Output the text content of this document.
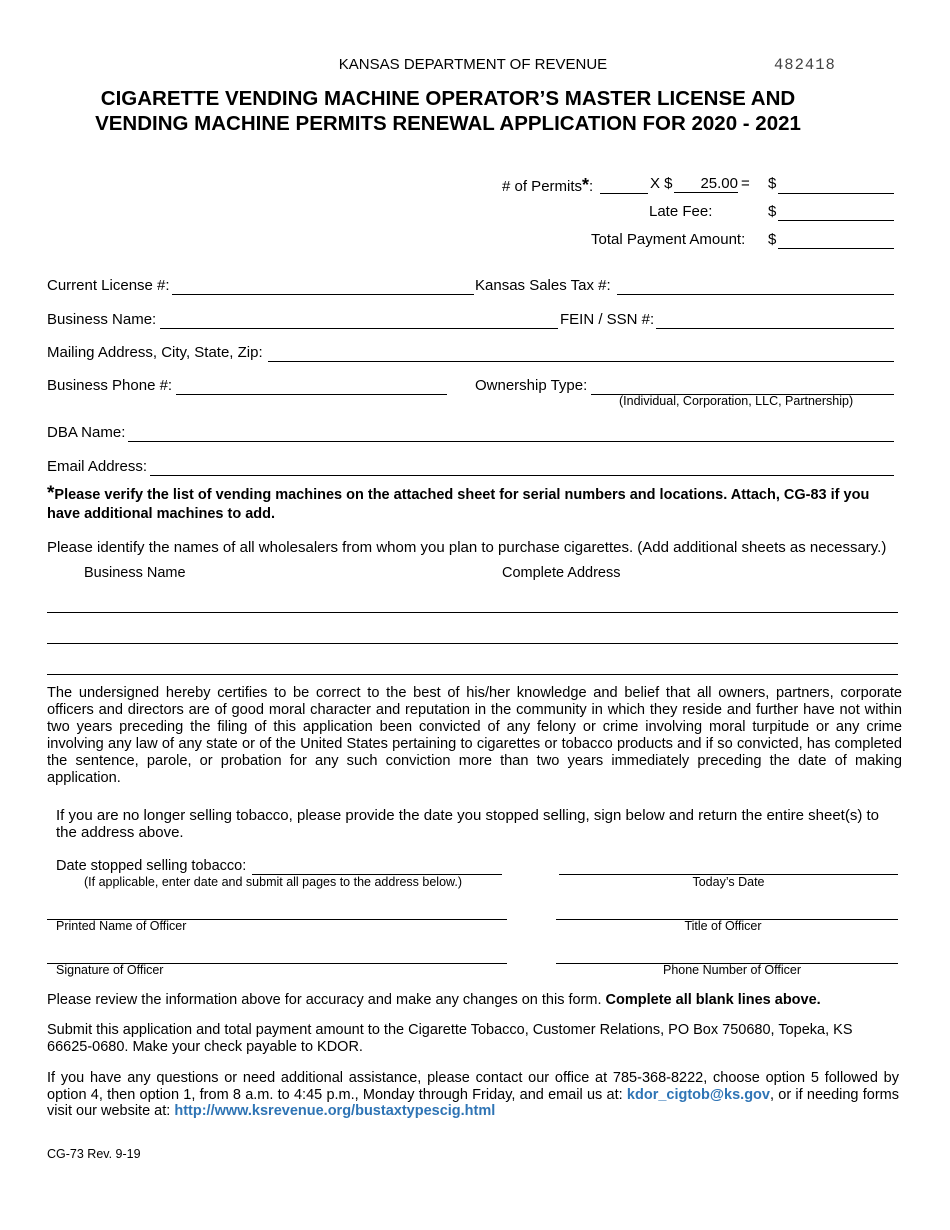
KANSAS DEPARTMENT OF REVENUE	482418
CIGARETTE VENDING MACHINE OPERATOR’S MASTER LICENSE AND
VENDING MACHINE PERMITS RENEWAL APPLICATION FOR 2020 - 2021
# of Permits*:	X $	25.00 = $
Late Fee:	$
Total Payment Amount: $
Current License #:	Kansas Sales Tax #:
Business Name:	FEIN / SSN #:
Mailing Address, City, State, Zip:
Business Phone #:	Ownership Type:
(Individual, Corporation, LLC, Partnership)
DBA Name:
Email Address:
*Please verify the list of vending machines on the attached sheet for serial numbers and locations. Attach, CG-83 if you have additional machines to add.
Please identify the names of all wholesalers from whom you plan to purchase cigarettes. (Add additional sheets as necessary.)
Business Name	Complete Address
The undersigned hereby certifies to be correct to the best of his/her knowledge and belief that all owners, partners, corporate officers and directors are of good moral character and reputation in the community in which they reside and further have not within two years preceding the filing of this application been convicted of any felony or crime involving moral turpitude or any crime involving any law of any state or of the United States pertaining to cigarettes or tobacco products and if so convicted, has completed the sentence, parole, or probation for any such conviction more than two years immediately preceding the date of making application.
If you are no longer selling tobacco, please provide the date you stopped selling, sign below and return the entire sheet(s) to the address above.
Date stopped selling tobacco:
(If applicable, enter date and submit all pages to the address below.)	Today’s Date
Printed Name of Officer	Title of Officer
Signature of Officer	Phone Number of Officer
Please review the information above for accuracy and make any changes on this form. Complete all blank lines above.
Submit this application and total payment amount to the Cigarette Tobacco, Customer Relations, PO Box 750680, Topeka, KS 66625-0680. Make your check payable to KDOR.
If you have any questions or need additional assistance, please contact our office at 785-368-8222, choose option 5 followed by option 4, then option 1, from 8 a.m. to 4:45 p.m., Monday through Friday, and email us at: kdor_cigtob@ks.gov, or if needing forms visit our website at: http://www.ksrevenue.org/bustaxtypescig.html
CG-73 Rev. 9-19
